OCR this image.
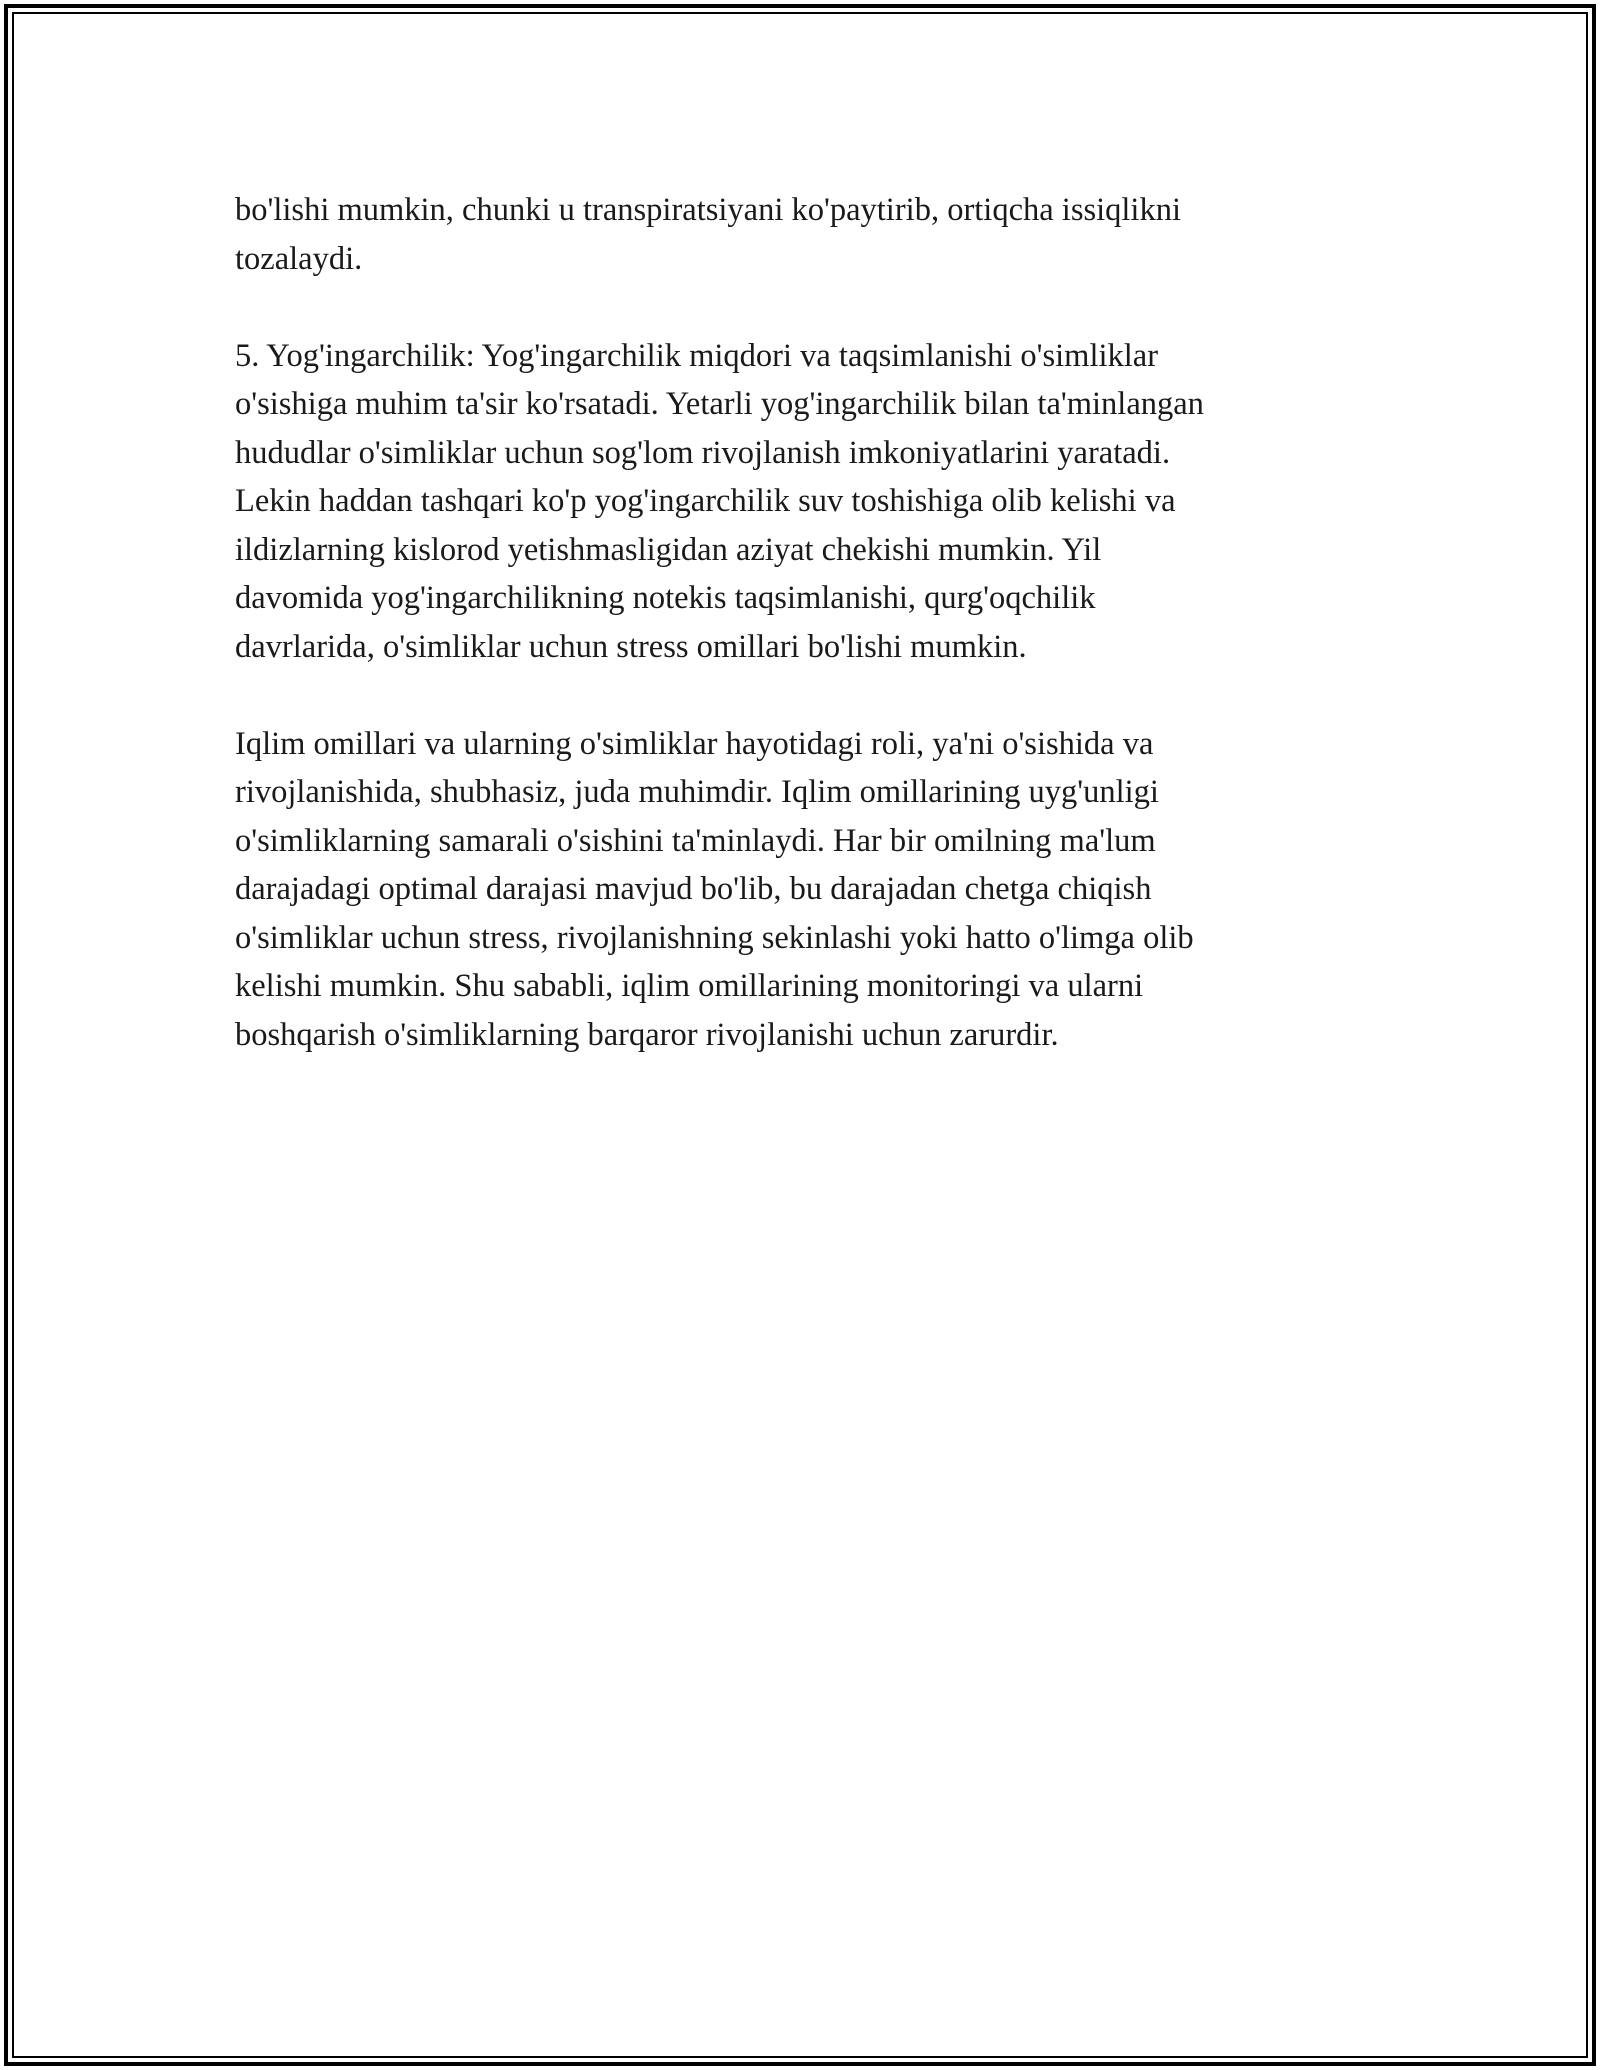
bo'lishi mumkin, chunki u transpiratsiyani ko'paytirib, ortiqcha issiqlikni
tozalaydi.

5. Yog'ingarchilik: Yog'ingarchilik miqdori va taqsimlanishi o'simliklar
o'sishiga muhim ta'sir ko'rsatadi. Yetarli yog'ingarchilik bilan ta'minlangan
hududlar o'simliklar uchun sog'lom rivojlanish imkoniyatlarini yaratadi.
Lekin haddan tashqari ko'p yog'ingarchilik suv toshishiga olib kelishi va
ildizlarning kislorod yetishmasligidan aziyat chekishi mumkin. Yil
davomida yog'ingarchilikning notekis taqsimlanishi, qurg'oqchilik
davrlarida, o'simliklar uchun stress omillari bo'lishi mumkin.

Iqlim omillari va ularning o'simliklar hayotidagi roli, ya'ni o'sishida va
rivojlanishida, shubhasiz, juda muhimdir. Iqlim omillarining uyg'unligi
o'simliklarning samarali o'sishini ta'minlaydi. Har bir omilning ma'lum
darajadagi optimal darajasi mavjud bo'lib, bu darajadan chetga chiqish
o'simliklar uchun stress, rivojlanishning sekinlashi yoki hatto o'limga olib
kelishi mumkin. Shu sababli, iqlim omillarining monitoringi va ularni
boshqarish o'simliklarning barqaror rivojlanishi uchun zarurdir.
